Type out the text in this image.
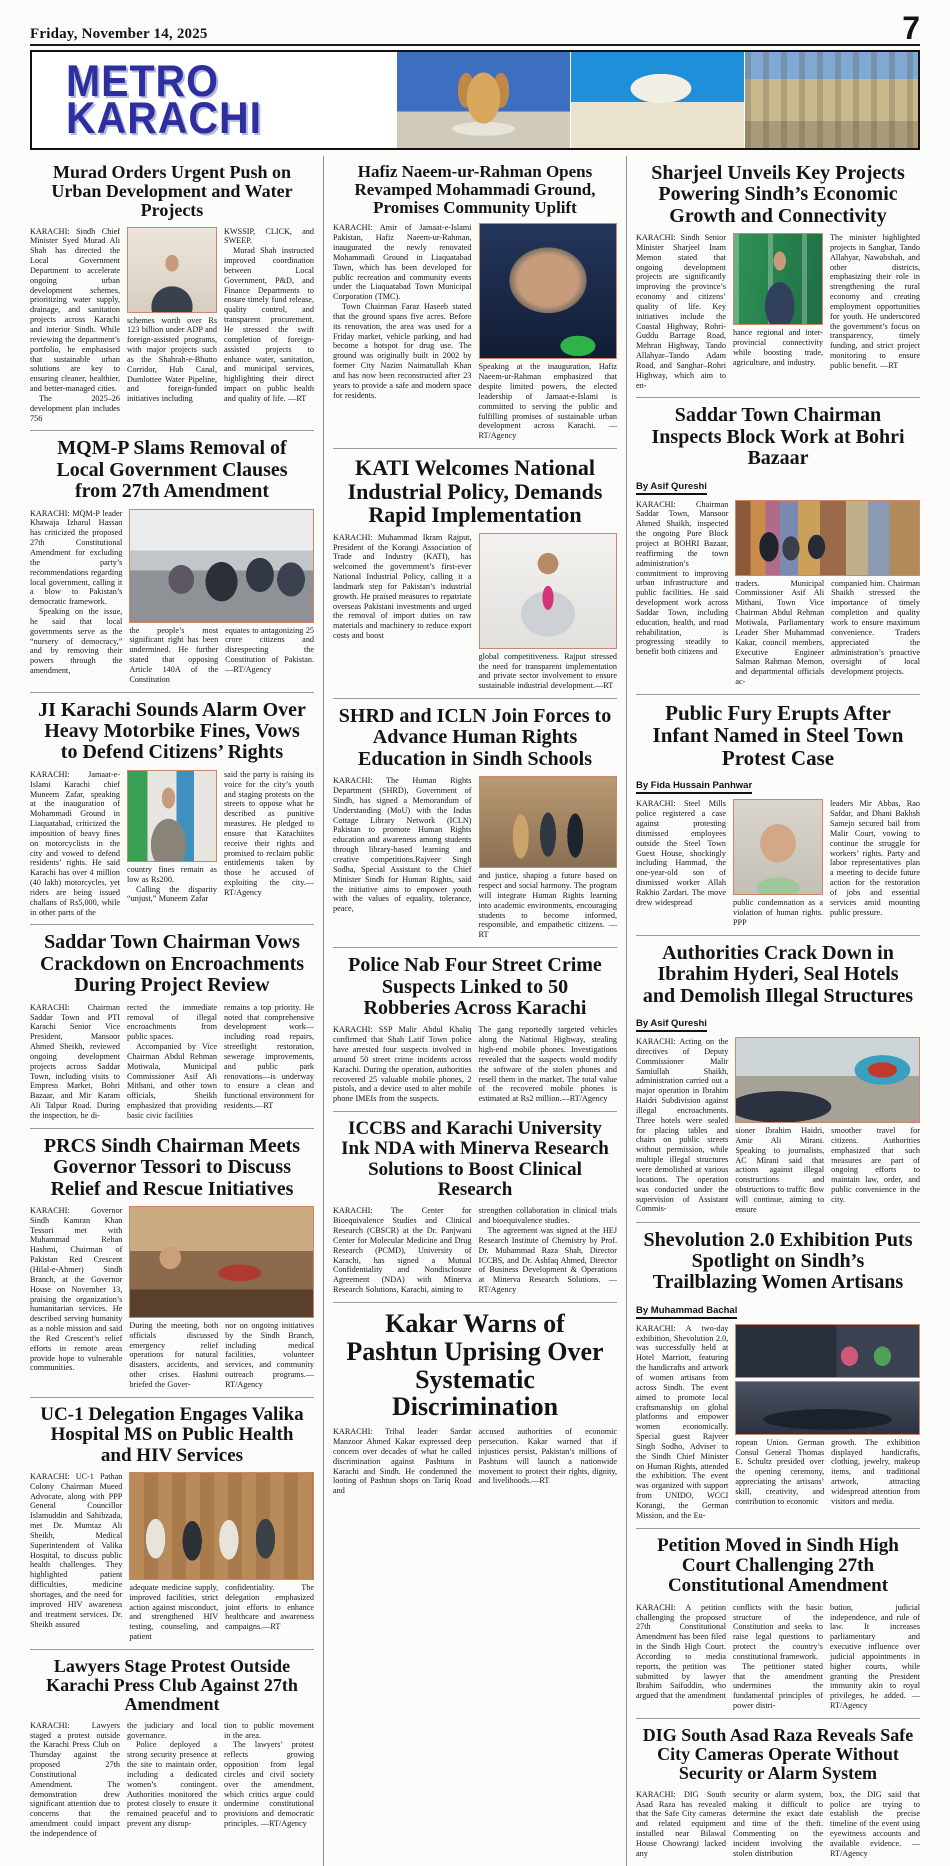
Friday, November 14, 2025	7
METRO
KARACHI
Murad Orders Urgent Push on Urban Development and Water Projects

KARACHI: Sindh Chief Minister Syed Murad Ali Shah has directed the Local Government Department to accelerate ongoing urban development schemes, prioritizing water supply, drainage, and sanitation projects across Karachi and interior Sindh. While reviewing the department’s portfolio, he emphasised that sustainable urban solutions are key to ensuring cleaner, healthier, and better-managed cities.

The 2025–26 development plan includes 756

schemes worth over Rs 123 billion under ADP and foreign-assisted programs, with major projects such as the Shahrah-e-Bhutto Corridor, Hub Canal, Dumlottee Water Pipeline, and foreign-funded initiatives including

KWSSIP, CLICK, and SWEEP.

Murad Shah instructed improved coordination between Local Government, P&D, and Finance Departments to ensure timely fund release, quality control, and transparent procurement. He stressed the swift completion of foreign-assisted projects to enhance water, sanitation, and municipal services, highlighting their direct impact on public health and quality of life. —RT

MQM-P Slams Removal of Local Government Clauses from 27th Amendment

KARACHI: MQM-P leader Khawaja Izharul Hassan has criticized the proposed 27th Constitutional Amendment for excluding the party’s recommendations regarding local government, calling it a blow to Pakistan’s democratic framework.

Speaking on the issue, he said that local governments serve as the “nursery of democracy,” and by removing their powers through the amendment,

the people’s most significant right has been undermined. He further stated that opposing Article 140A of the Constitution

equates to antagonizing 25 crore citizens and disrespecting the Constitution of Pakistan. —RT/Agency

JI Karachi Sounds Alarm Over Heavy Motorbike Fines, Vows to Defend Citizens’ Rights

KARACHI: Jamaat-e-Islami Karachi chief Muneem Zafar, speaking at the inauguration of Mohammadi Ground in Liaquatabad, criticized the imposition of heavy fines on motorcyclists in the city and vowed to defend residents’ rights. He said Karachi has over 4 million (40 lakh) motorcycles, yet riders are being issued challans of Rs5,000, while in other parts of the

country fines remain as low as Rs200.

Calling the disparity “unjust,” Muneem Zafar

said the party is raising its voice for the city’s youth and staging protests on the streets to oppose what he described as punitive measures. He pledged to ensure that Karachiites receive their rights and promised to reclaim public entitlements taken by those he accused of exploiting the city.—RT/Agency

Saddar Town Chairman Vows Crackdown on Encroachments During Project Review

KARACHI: Chairman Saddar Town and PTI Karachi Senior Vice President, Mansoor Ahmed Sheikh, reviewed ongoing development projects across Saddar Town, including visits to Empress Market, Bohri Bazaar, and Mir Karam Ali Talpur Road. During the inspection, he di-

rected the immediate removal of illegal encroachments from public spaces.

Accompanied by Vice Chairman Abdul Rehman Motiwala, Municipal Commissioner Asif Ali Mithani, and other town officials, Sheikh emphasized that providing basic civic facilities

remains a top priority. He noted that comprehensive development work—including road repairs, streetlight restoration, sewerage improvements, and public park renovations—is underway to ensure a clean and functional environment for residents.—RT

PRCS Sindh Chairman Meets Governor Tessori to Discuss Relief and Rescue Initiatives

KARACHI: Governor Sindh Kamran Khan Tessori met with Muhammad Rehan Hashmi, Chairman of Pakistan Red Crescent (Hilal-e-Ahmer) Sindh Branch, at the Governor House on November 13, praising the organization’s humanitarian services. He described serving humanity as a noble mission and said the Red Crescent’s relief efforts in remote areas provide hope to vulnerable communities.

During the meeting, both officials discussed emergency relief operations for natural disasters, accidents, and other crises. Hashmi briefed the Gover-

nor on ongoing initiatives by the Sindh Branch, including medical facilities, volunteer services, and community outreach programs.—RT/Agency

UC-1 Delegation Engages Valika Hospital MS on Public Health and HIV Services

KARACHI: UC-1 Pathan Colony Chairman Mueed Advocate, along with PPP General Councillor Islamuddin and Sahibzada, met Dr. Mumtaz Ali Sheikh, Medical Superintendent of Valika Hospital, to discuss public health challenges. They highlighted patient difficulties, medicine shortages, and the need for improved HIV awareness and treatment services. Dr. Sheikh assured

adequate medicine supply, improved facilities, strict action against misconduct, and strengthened HIV testing, counseling, and patient

confidentiality. The delegation emphasized joint efforts to enhance healthcare and awareness campaigns.—RT

Lawyers Stage Protest Outside Karachi Press Club Against 27th Amendment

KARACHI: Lawyers staged a protest outside the Karachi Press Club on Thursday against the proposed 27th Constitutional Amendment. The demonstration drew significant attention due to concerns that the amendment could impact the independence of

the judiciary and local governance.

Police deployed a strong security presence at the site to maintain order, including a dedicated women’s contingent. Authorities monitored the protest closely to ensure it remained peaceful and to prevent any disrup-

tion to public movement in the area.

The lawyers’ protest reflects growing opposition from legal circles and civil society over the amendment, which critics argue could undermine constitutional provisions and democratic principles. —RT/Agency

Hafiz Naeem-ur-Rahman Opens Revamped Mohammadi Ground, Promises Community Uplift

KARACHI: Amir of Jamaat-e-Islami Pakistan, Hafiz Naeem-ur-Rahman, inaugurated the newly renovated Mohammadi Ground in Liaquatabad Town, which has been developed for public recreation and community events under the Liaquatabad Town Municipal Corporation (TMC).

Town Chairman Faraz Haseeb stated that the ground spans five acres. Before its renovation, the area was used for a Friday market, vehicle parking, and had become a hotspot for drug use. The ground was originally built in 2002 by former City Nazim Naimatullah Khan and has now been reconstructed after 23 years to provide a safe and modern space for residents.

Speaking at the inauguration, Hafiz Naeem-ur-Rahman emphasized that despite limited powers, the elected leadership of Jamaat-e-Islami is committed to serving the public and fulfilling promises of sustainable urban development across Karachi. —RT/Agency

KATI Welcomes National Industrial Policy, Demands Rapid Implementation

KARACHI: Muhammad Ikram Rajput, President of the Korangi Association of Trade and Industry (KATI), has welcomed the government’s first-ever National Industrial Policy, calling it a landmark step for Pakistan’s industrial growth. He praised measures to repatriate overseas Pakistani investments and urged the removal of import duties on raw materials and machinery to reduce export costs and boost

global competitiveness. Rajput stressed the need for transparent implementation and private sector involvement to ensure sustainable industrial development.—RT

SHRD and ICLN Join Forces to Advance Human Rights Education in Sindh Schools

KARACHI: The Human Rights Department (SHRD), Government of Sindh, has signed a Memorandum of Understanding (MoU) with the Indus Cottage Library Network (ICLN) Pakistan to promote Human Rights education and awareness among students through library-based learning and creative competitions.Rajveer Singh Sodha, Special Assistant to the Chief Minister Sindh for Human Rights, said the initiative aims to empower youth with the values of equality, tolerance, peace,

and justice, shaping a future based on respect and social harmony. The program will integrate Human Rights learning into academic environments, encouraging students to become informed, responsible, and empathetic citizens. —RT

Police Nab Four Street Crime Suspects Linked to 50 Robberies Across Karachi

KARACHI: SSP Malir Abdul Khaliq confirmed that Shah Latif Town police have arrested four suspects involved in around 50 street crime incidents across Karachi. During the operation, authorities recovered 25 valuable mobile phones, 2 pistols, and a device used to alter mobile phone IMEIs from the suspects.

The gang reportedly targeted vehicles along the National Highway, stealing high-end mobile phones. Investigations revealed that the suspects would modify the software of the stolen phones and resell them in the market. The total value of the recovered mobile phones is estimated at Rs2 million.—RT/Agency

ICCBS and Karachi University Ink NDA with Minerva Research Solutions to Boost Clinical Research

KARACHI: The Center for Bioequivalence Studies and Clinical Research (CBSCR) at the Dr. Panjwani Center for Molecular Medicine and Drug Research (PCMD), University of Karachi, has signed a Mutual Confidentiality and Nondisclosure Agreement (NDA) with Minerva Research Solutions, Karachi, aiming to

strengthen collaboration in clinical trials and bioequivalence studies.

The agreement was signed at the HEJ Research Institute of Chemistry by Prof. Dr. Muhammad Raza Shah, Director ICCBS, and Dr. Ashfaq Ahmed, Director of Business Development & Operations at Minerva Research Solutions. —RT/Agency

Kakar Warns of Pashtun Uprising Over Systematic Discrimination

KARACHI: Tribal leader Sardar Manzoor Ahmed Kakar expressed deep concern over decades of what he called discrimination against Pashtuns in Karachi and Sindh. He condemned the looting of Pashtun shops on Tariq Road and

accused authorities of economic persecution. Kakar warned that if injustices persist, Pakistan’s millions of Pashtuns will launch a nationwide movement to protect their rights, dignity, and livelihoods.—RT

Sharjeel Unveils Key Projects Powering Sindh’s Economic Growth and Connectivity

KARACHI: Sindh Senior Minister Sharjeel Inam Memon stated that ongoing development projects are significantly improving the province’s economy and citizens’ quality of life. Key initiatives include the Coastal Highway, Rohri-Guddu Barrage Road, Mehran Highway, Tando Allahyar–Tando Adam Road, and Sanghar–Rohri Highway, which aim to en-

hance regional and inter-provincial connectivity while boosting trade, agriculture, and industry.

The minister highlighted projects in Sanghar, Tando Allahyar, Nawabshah, and other districts, emphasizing their role in strengthening the rural economy and creating employment opportunities for youth. He underscored the government’s focus on transparency, timely funding, and strict project monitoring to ensure public benefit. —RT

Saddar Town Chairman Inspects Block Work at Bohri Bazaar
By Asif Qureshi

KARACHI: Chairman Saddar Town, Mansoor Ahmed Shaikh, inspected the ongoing Pure Block project at BOHRI Bazaar, reaffirming the town administration’s commitment to improving urban infrastructure and public facilities. He said development work across Saddar Town, including education, health, and road rehabilitation, is progressing steadily to benefit both citizens and

traders. Municipal Commissioner Asif Ali Mithani, Town Vice Chairman Abdul Rehman Motiwala, Parliamentary Leader Sher Muhammad Kakar, council members, Executive Engineer Salman Rahman Memon, and departmental officials ac-

companied him. Chairman Shaikh stressed the importance of timely completion and quality work to ensure maximum convenience. Traders appreciated the administration’s proactive oversight of local development projects.

Public Fury Erupts After Infant Named in Steel Town Protest Case
By Fida Hussain Panhwar

KARACHI: Steel Mills police registered a case against protesting dismissed employees outside the Steel Town Guest House, shockingly including Hammad, the one-year-old son of dismissed worker Allah Rakhio Zardari. The move drew widespread	public condemnation as a violation of human rights. PPP

leaders Mir Abbas, Rao Safdar, and Dhani Bakhsh Samejo secured bail from Malir Court, vowing to continue the struggle for workers’ rights. Party and labor representatives plan a meeting to decide future action for the restoration of jobs and essential services amid mounting public pressure.

Authorities Crack Down in Ibrahim Hyderi, Seal Hotels and Demolish Illegal Structures
By Asif Qureshi

KARACHI: Acting on the directives of Deputy Commissioner Malir Samiullah Shaikh, administration carried out a major operation in Ibrahim Haidri Subdivision against illegal encroachments. Three hotels were sealed for placing tables and chairs on public streets without permission, while multiple illegal structures were demolished at various locations. The operation was conducted under the supervision of Assistant Commis-

sioner Ibrahim Haidri, Amir Ali Mirani. Speaking to journalists, AC Mirani said that actions against illegal constructions and obstructions to traffic flow will continue, aiming to ensure

smoother travel for citizens. Authorities emphasized that such measures are part of ongoing efforts to maintain law, order, and public convenience in the city.

Shevolution 2.0 Exhibition Puts Spotlight on Sindh’s Trailblazing Women Artisans
By Muhammad Bachal

KARACHI: A two-day exhibition, Shevolution 2.0, was successfully held at Hotel Marriott, featuring the handicrafts and artwork of women artisans from across Sindh. The event aimed to promote local craftsmanship on global platforms and empower women economically. Special guest Rajveer Singh Sodho, Adviser to the Sindh Chief Minister on Human Rights, attended the exhibition. The event was organized with support from UNIDO, WCCI Korangi, the German Mission, and the Eu-

ropean Union. German Consul General Thomas E. Schultz presided over the opening ceremony, appreciating the artisans’ skill, creativity, and contribution to economic

growth. The exhibition displayed handicrafts, clothing, jewelry, makeup items, and traditional artwork, attracting widespread attention from visitors and media.

Petition Moved in Sindh High Court Challenging 27th Constitutional Amendment

KARACHI: A petition challenging the proposed 27th Constitutional Amendment has been filed in the Sindh High Court. According to media reports, the petition was submitted by lawyer Ibrahim Saifuddin, who argued that the amendment

conflicts with the basic structure of the Constitution and seeks to raise legal questions to protect the country’s constitutional framework.

The petitioner stated that the amendment undermines the fundamental principles of power distri-

bution, judicial independence, and rule of law. It increases parliamentary and executive influence over judicial appointments in higher courts, while granting the President immunity akin to royal privileges, he added. —RT/Agency

DIG South Asad Raza Reveals Safe City Cameras Operate Without Security or Alarm System

KARACHI: DIG South Asad Raza has revealed that the Safe City cameras and related equipment installed near Bilawal House Chowrangi lacked any

security or alarm system, making it difficult to determine the exact date and time of the theft. Commenting on the incident involving the stolen distribution

box, the DIG said that police are trying to establish the precise timeline of the event using eyewitness accounts and available evidence. —RT/Agency
